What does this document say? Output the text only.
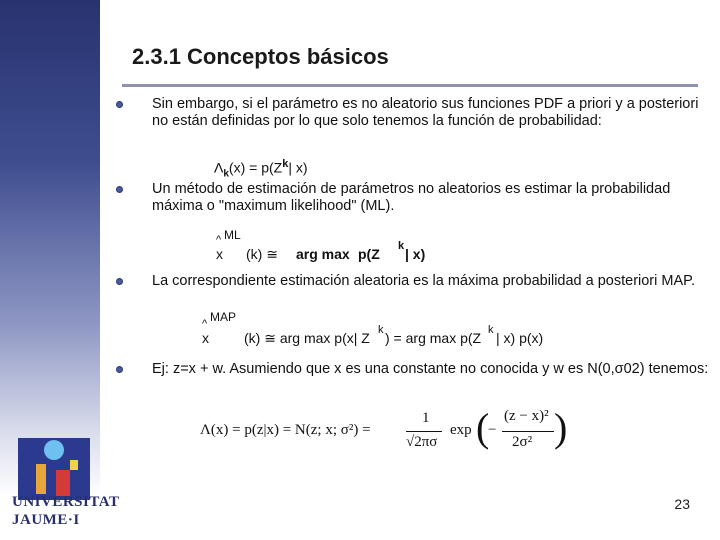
2.3.1 Conceptos básicos

Sin embargo, si el parámetro es no aleatorio sus funciones PDF a priori y a posteriori no están definidas por lo que solo tenemos la función de probabilidad:

$\Lambda_k(x) = p(Z^k|$ x)

Un método de estimación de parámetros no aleatorios es estimar la probabilidad máxima o "maximum likelihood" (ML).

ML
^
x (k) ≅ arg max p(Z k | x)

La correspondiente estimación aleatoria es la máxima probabilidad a posteriori MAP.

MAP
^
x	(k) ≅ arg max p(x| Z k ) = arg max p(Z k | x) p(x)

Ej: z=x + w. Asumiendo que x es una constante no conocida y w es N(0,σ02) tenemos:

Λ(x) = p(z|x) = N(z; x; σ²) =
1
√2πσ
exp (
−
(z − x)²
2σ² )

UNIVERSITAT

JAUME·I

23
